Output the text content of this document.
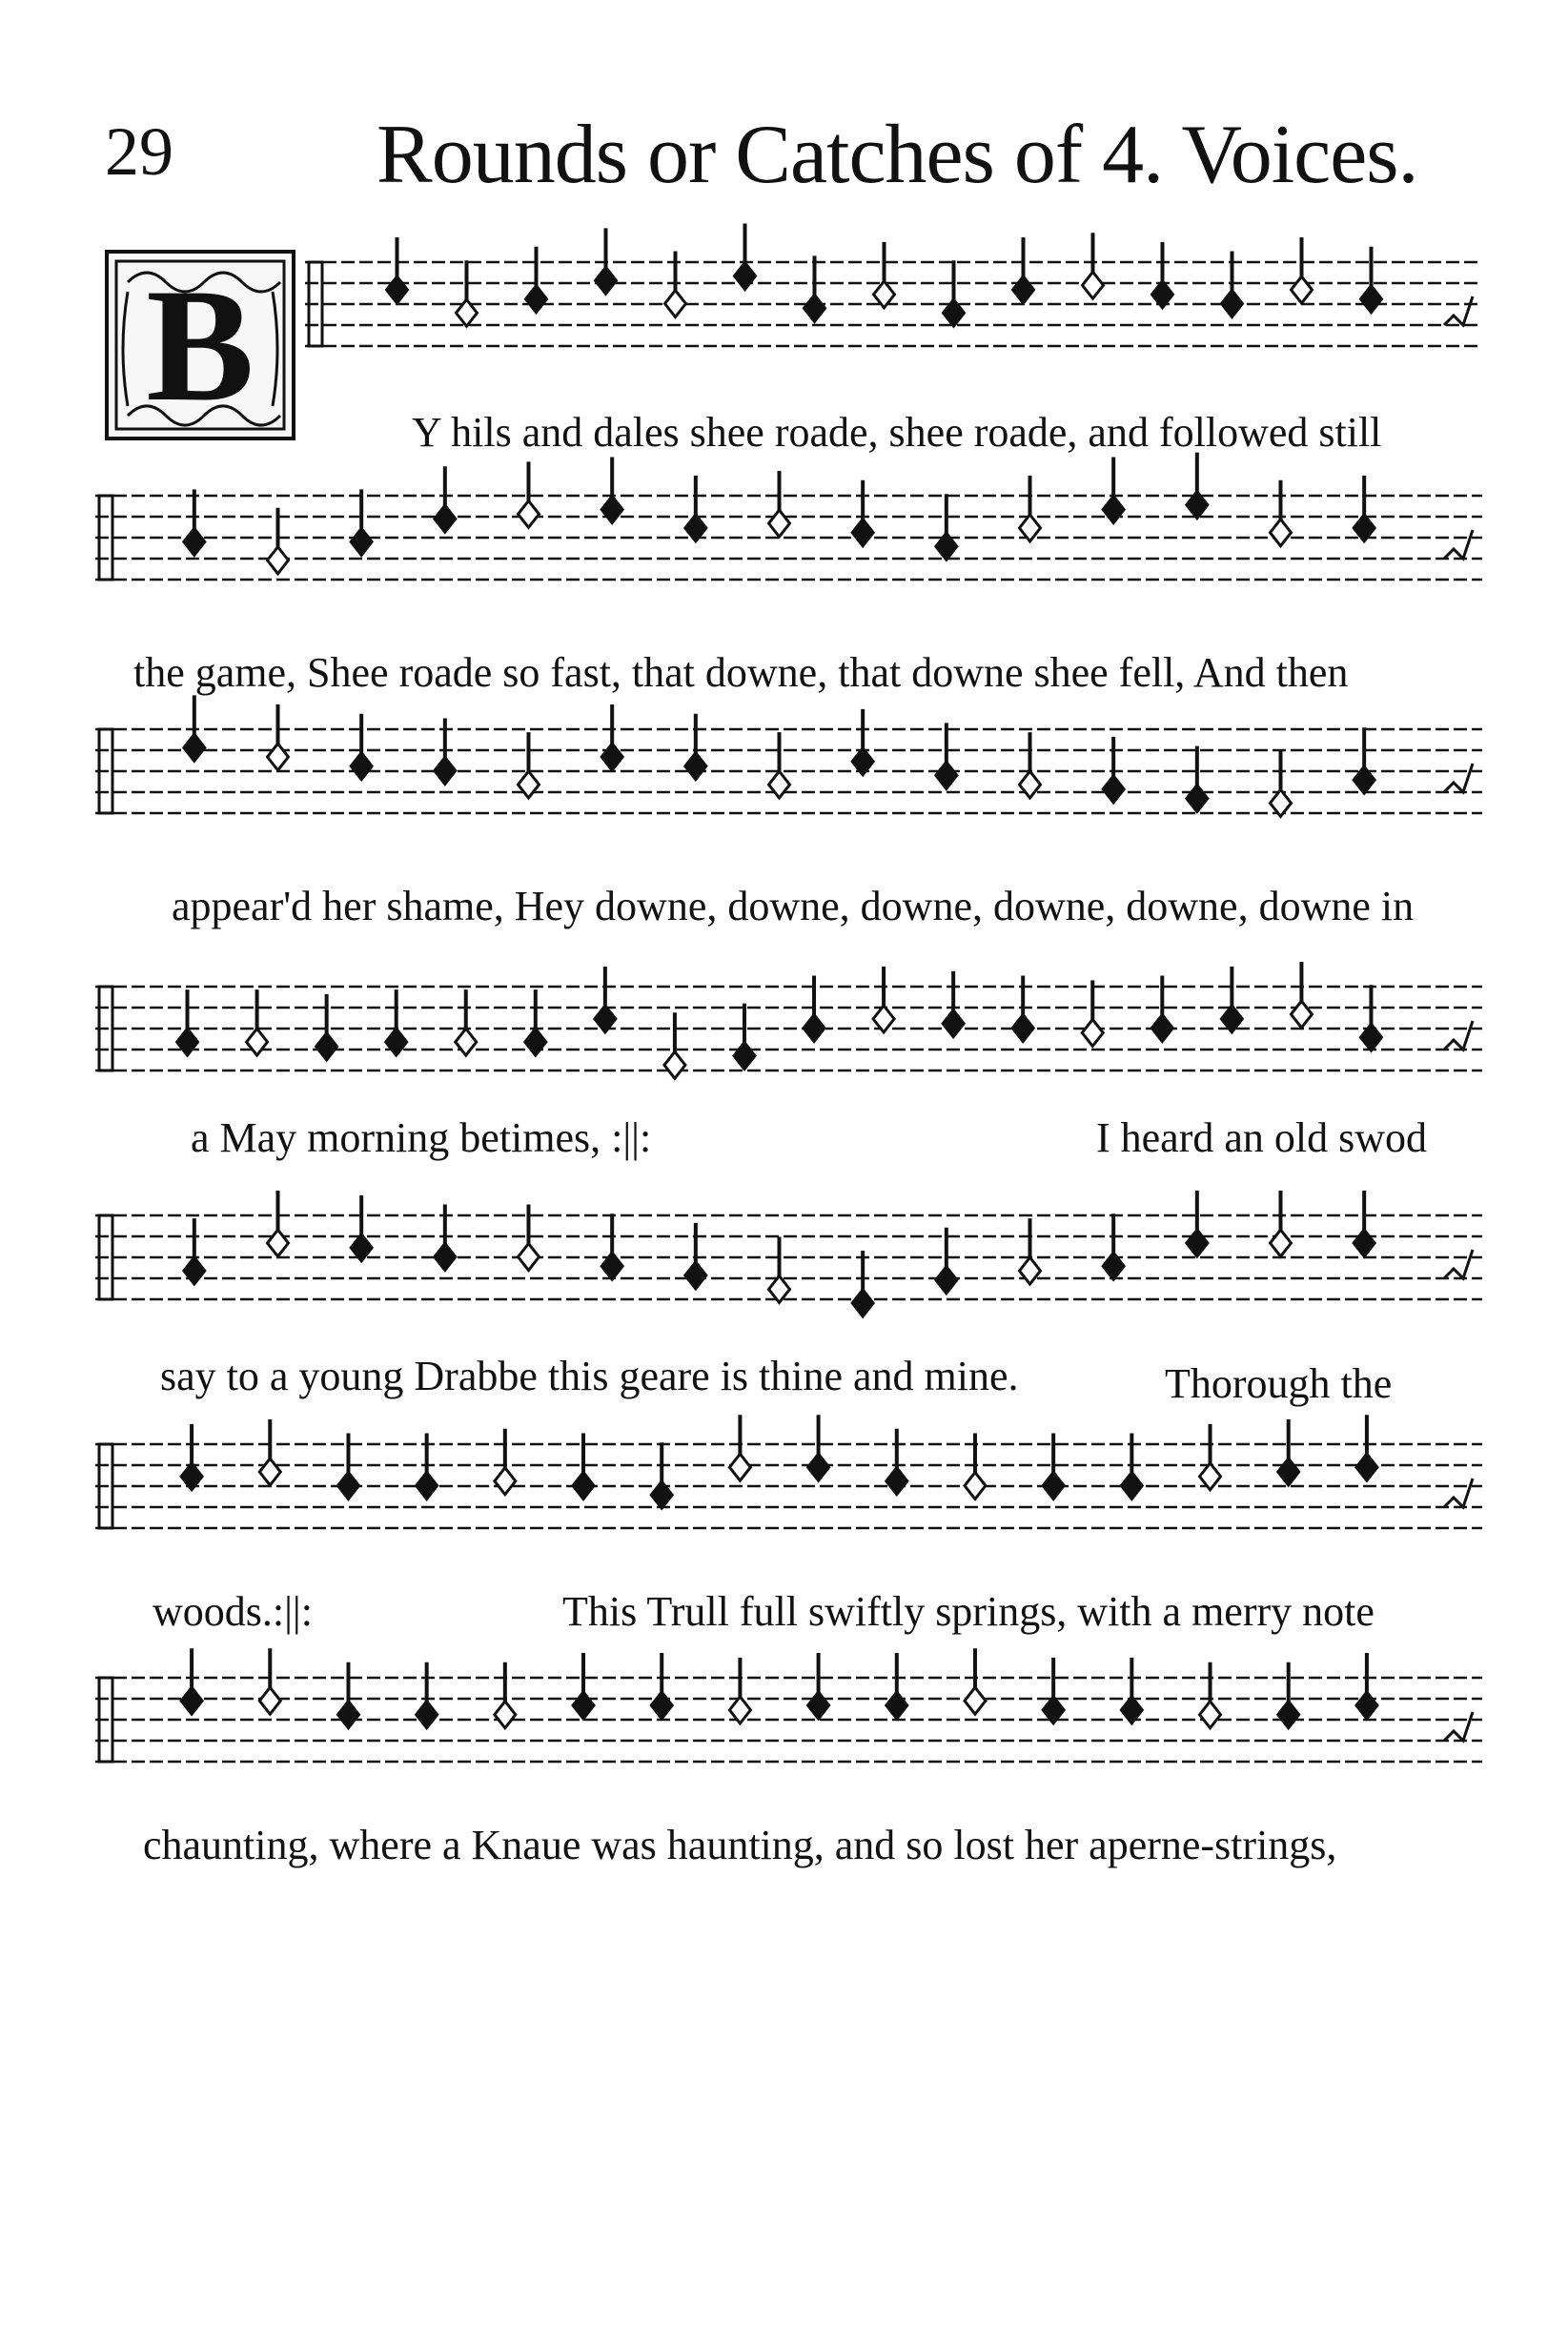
29 Rounds or Catches of 4. Voices.
B	Y hils and dales shee roade, shee roade, and followed still
the game, Shee roade so fast, that downe, that downe shee fell, And then
appear'd her shame, Hey downe, downe, downe, downe, downe, downe in
a May morning betimes, :||:	I heard an old swod
say to a young Drabbe this geare is thine and mine.	Thorough the
woods.:||:	This Trull full swiftly springs, with a merry note
chaunting, where a Knaue was haunting, and so lost her aperne-strings,
